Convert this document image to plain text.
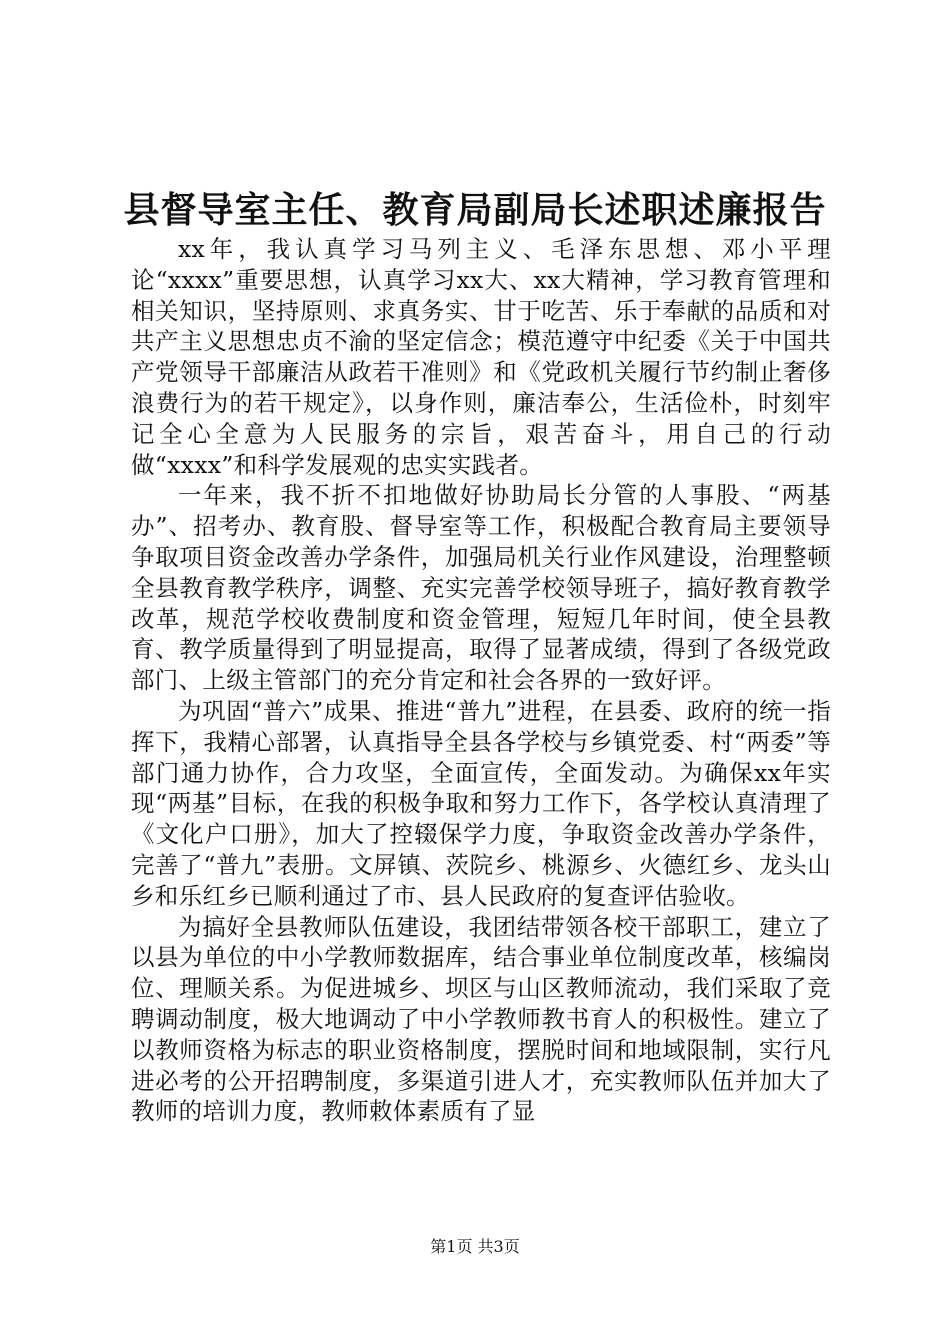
县督导室主任、教育局副局长述职述廉报告

xx年，我认真学习马列主义、毛泽东思想、邓小平理论“xxxx”重要思想，认真学习xx大、xx大精神，学习教育管理和相关知识，坚持原则、求真务实、甘于吃苦、乐于奉献的品质和对共产主义思想忠贞不渝的坚定信念；模范遵守中纪委《关于中国共产党领导干部廉洁从政若干准则》和《党政机关履行节约制止奢侈浪费行为的若干规定》，以身作则，廉洁奉公，生活俭朴，时刻牢记全心全意为人民服务的宗旨，艰苦奋斗，用自己的行动做“xxxx”和科学发展观的忠实实践者。

一年来，我不折不扣地做好协助局长分管的人事股、“两基办”、招考办、教育股、督导室等工作，积极配合教育局主要领导争取项目资金改善办学条件，加强局机关行业作风建设，治理整顿全县教育教学秩序，调整、充实完善学校领导班子，搞好教育教学改革，规范学校收费制度和资金管理，短短几年时间，使全县教育、教学质量得到了明显提高，取得了显著成绩，得到了各级党政部门、上级主管部门的充分肯定和社会各界的一致好评。

为巩固“普六”成果、推进“普九”进程，在县委、政府的统一指挥下，我精心部署，认真指导全县各学校与乡镇党委、村“两委”等部门通力协作，合力攻坚，全面宣传，全面发动。为确保xx年实现“两基”目标，在我的积极争取和努力工作下，各学校认真清理了《文化户口册》，加大了控辍保学力度，争取资金改善办学条件，完善了“普九”表册。文屏镇、茨院乡、桃源乡、火德红乡、龙头山乡和乐红乡已顺利通过了市、县人民政府的复查评估验收。

为搞好全县教师队伍建设，我团结带领各校干部职工，建立了以县为单位的中小学教师数据库，结合事业单位制度改革，核编岗位、理顺关系。为促进城乡、坝区与山区教师流动，我们采取了竞聘调动制度，极大地调动了中小学教师教书育人的积极性。建立了以教师资格为标志的职业资格制度，摆脱时间和地域限制，实行凡进必考的公开招聘制度，多渠道引进人才，充实教师队伍并加大了教师的培训力度，教师敕体素质有了显

第1页 共3页
